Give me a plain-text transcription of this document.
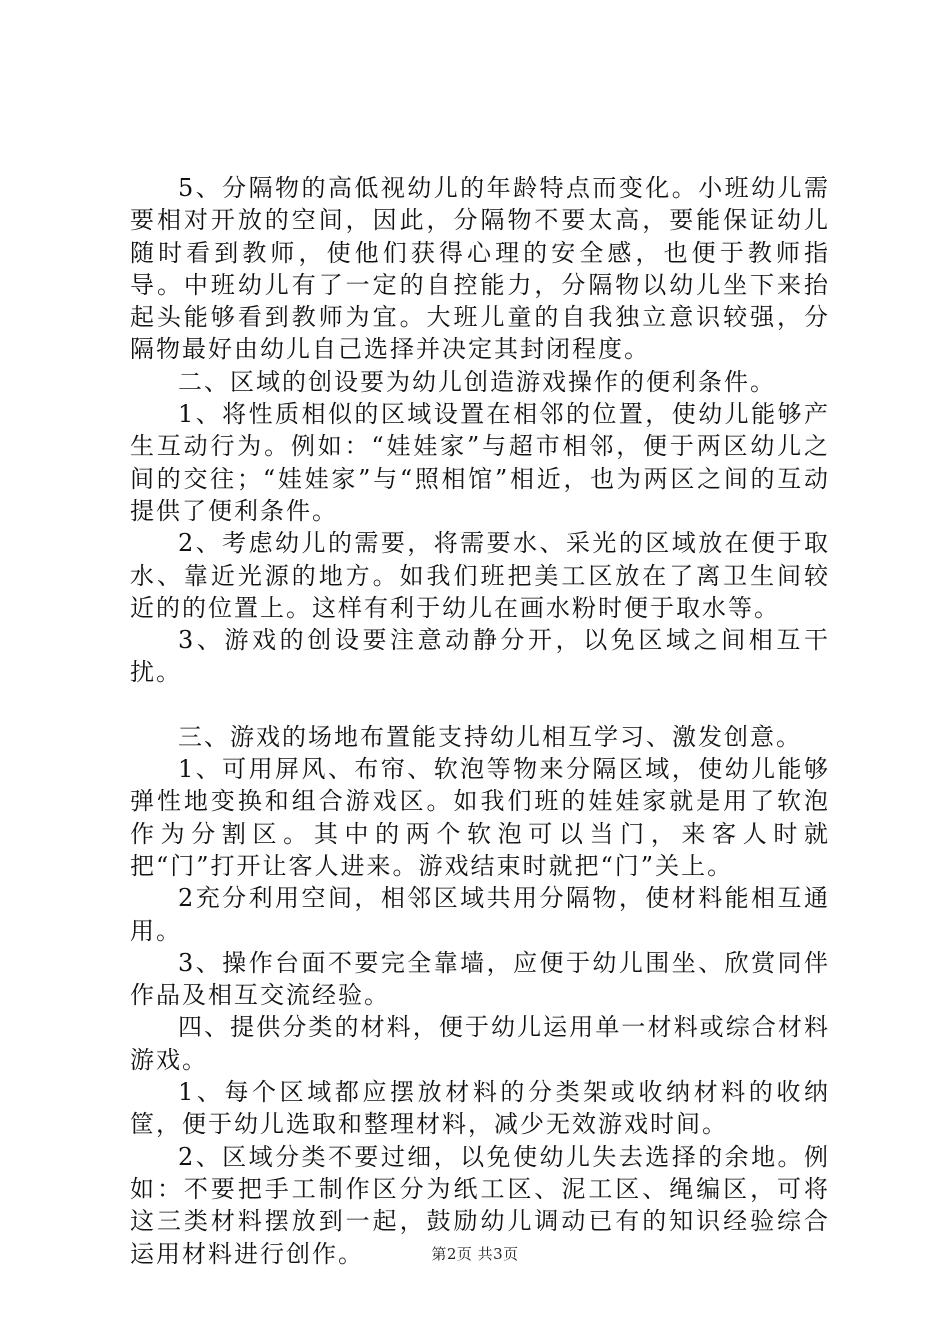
5、分隔物的高低视幼儿的年龄特点而变化。小班幼儿需要相对开放的空间，因此，分隔物不要太高，要能保证幼儿随时看到教师，使他们获得心理的安全感，也便于教师指导。中班幼儿有了一定的自控能力，分隔物以幼儿坐下来抬起头能够看到教师为宜。大班儿童的自我独立意识较强，分隔物最好由幼儿自己选择并决定其封闭程度。

二、区域的创设要为幼儿创造游戏操作的便利条件。

1、将性质相似的区域设置在相邻的位置，使幼儿能够产生互动行为。例如：“娃娃家”与超市相邻，便于两区幼儿之间的交往；“娃娃家”与“照相馆”相近，也为两区之间的互动提供了便利条件。

2、考虑幼儿的需要，将需要水、采光的区域放在便于取水、靠近光源的地方。如我们班把美工区放在了离卫生间较近的的位置上。这样有利于幼儿在画水粉时便于取水等。

3、游戏的创设要注意动静分开，以免区域之间相互干扰。

三、游戏的场地布置能支持幼儿相互学习、激发创意。

1、可用屏风、布帘、软泡等物来分隔区域，使幼儿能够弹性地变换和组合游戏区。如我们班的娃娃家就是用了软泡作为分割区。其中的两个软泡可以当门，来客人时就把“门”打开让客人进来。游戏结束时就把“门”关上。

2充分利用空间，相邻区域共用分隔物，使材料能相互通用。

3、操作台面不要完全靠墙，应便于幼儿围坐、欣赏同伴作品及相互交流经验。

四、提供分类的材料，便于幼儿运用单一材料或综合材料游戏。

1、每个区域都应摆放材料的分类架或收纳材料的收纳筐，便于幼儿选取和整理材料，减少无效游戏时间。

2、区域分类不要过细，以免使幼儿失去选择的余地。例如：不要把手工制作区分为纸工区、泥工区、绳编区，可将这三类材料摆放到一起，鼓励幼儿调动已有的知识经验综合运用材料进行创作。	第2页 共3页
